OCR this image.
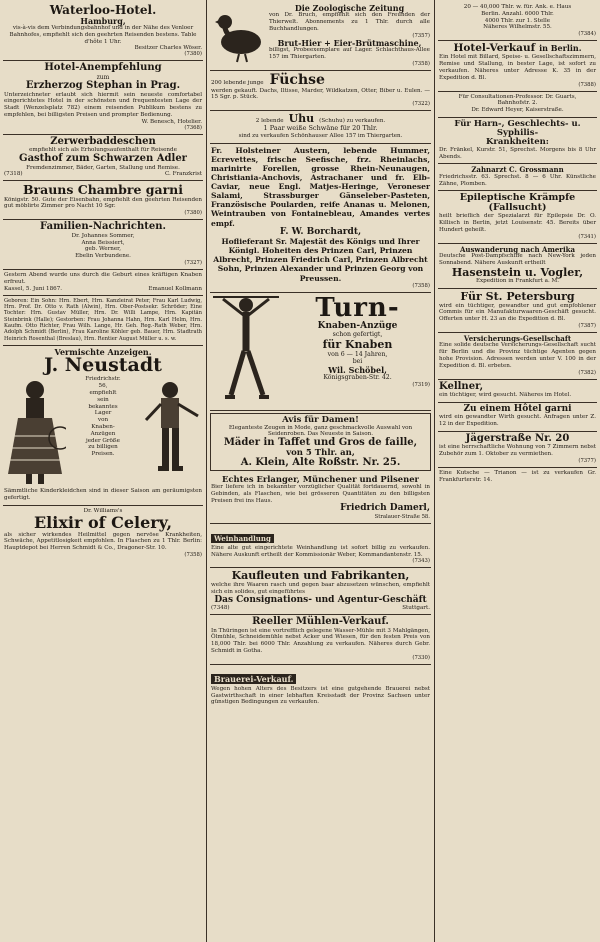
Waterloo-Hotel.
Hamburg,
vis-à-vis dem Verbindungsbahnhof und in der Nähe des Venloer Bahnhofes, empfiehlt sich den geehrten Reisenden bestens. Table d'hôte 1 Uhr.
Besitzer Charles Wöser.
(7380)
Hotel-Anempfehlung
zum
Erzherzog Stephan in Prag.
Unterzeichneter erlaubt sich hiermit sein neueste comfortabel eingerichtetes Hotel in der schönsten und frequentesten Lage der Stadt (Wenzelsplatz 782) einem reisenden Publikum bestens zu empfehlen, bei billigsten Preisen und prompter Bedienung.
W. Benesch, Hotelier.
(7368)
Zerwerbaddeschen
empfiehlt sich als Erholungsaufenthalt für Reisende
Gasthof zum Schwarzen Adler
Fremdenzimmer, Bäder, Garten, Stallung und Remise.
(7318)	C. Franzkrist
Brauns Chambre garni
Königstr. 50. Gute der Eisenbahn, empfiehlt den geehrten Reisenden gut möblirte Zimmer pro Nacht 10 Sgr.
(7380)
Familien-Nachrichten.
Dr. Johannes Sommer,
Anna Beissiert,
geb. Werner,
Ebelin Verbundene.
(7327)
Gestern Abend wurde uns durch die Geburt eines kräftigen Knaben erfreut.
Kassel, 5. Juni 1867.	Emanuel Kollmann
Geboren: Ein Sohn: Hrn. Ebert, Hrn. Kanzleirat Peter, Frau Karl Ludwig, Hrn. Prof. Dr. Otto v. Rath (Alwin), Hrn. Ober-Postsekr. Schröder; Eine Tochter: Hrn. Gustav Müller, Hrn. Dr. Willi Lampe, Hrn. Kapitän Steinbrink (Halle); Gestorben: Frau Johanna Hahn, Hrn. Karl Helm, Hrn. Kaufm. Otto Richter, Frau Wilh. Lange, Hr. Geh. Reg.-Rath Weber, Hrn. Adolph Schmidt (Berlin), Frau Karoline Köhler geb. Bauer, Hrn. Stadtrath Heinrich Rosenthal (Breslau), Hrn. Rentier August Müller u. s. w.
Vermischte Anzeigen.
J. Neustadt
Friedrichstr.
56,
empfiehlt
sein
bekanntes
Lager
von
Knaben-
Anzügen
jeder Größe
zu billigen
Preisen.
Sämmtliche Kinderkleidchen sind in dieser Saison am geräumigsten gefertigt.
Dr. Williams's
Elixir of Celery,
als sicher wirkendes Heilmittel gegen nervöse Krankheiten, Schwäche, Appetitlosigkeit empfohlen. In Flaschen zu 1 Thlr. Berlin: Hauptdepot bei Herren Schmidt & Co., Dragoner-Str. 10.
(7358)
Die Zoologische Zeitung
von Dr. Bruch, empfiehlt sich den Freunden der Thierwelt. Abonnements zu 1 Thlr. durch alle Buchhandlungen.
(7357)
Brut-Hier + Eier-Brütmaschine,
billigst, Probeexemplare auf Lager. Schlachthaus-Allee 157 im Thiergarten.
(7358)
200 lebende junge Füchse
werden gekauft. Dachs, Iltisse, Marder, Wildkatzen, Otter, Biber u. Eulen. — 15 Sgr. p. Stück.
(7322)
2 lebende Uhu (Schuhu) zu verkaufen.
1 Paar weiße Schwäne für 20 Thlr.
sind zu verkaufen Schönhauser Allee 157 im Thiergarten.
Fr. Holsteiner Austern, lebende Hummer, Ecrevettes, frische Seefische, frz. Rheinlachs, marinirte Forellen, grosse Rhein-Neunaugen, Christiania-Anchovis, Astrachaner und fr. Elb-Caviar, neue Engl. Matjes-Heringe, Veroneser Salami, Strassburger Gänseleber-Pasteten, Französische Poularden, reife Ananas u. Melonen, Weintrauben von Fontainebleau, Amandes vertes empf.
F. W. Borchardt,
Hoflieferant Sr. Majestät des Königs und Ihrer Königl. Hoheiten des Prinzen Carl, Prinzen Albrecht, Prinzen Friedrich Carl, Prinzen Albrecht Sohn, Prinzen Alexander und Prinzen Georg von Preussen.
(7358)
Turn-
Knaben-Anzüge
schon gefertigt,
für Knaben
von 6 — 14 Jahren,
bei
Wil. Schöbel,
Königsgraben-Str. 42.
(7319)
Avis für Damen!
Eleganteste Zeugen in Mode, ganz geschmackvolle Auswahl von Seidenroben. Das Neueste in Saison.
Mäder in Taffet und Gros de faille,
von 5 Thlr. an,
A. Klein, Alte Roßstr. Nr. 25.
Echtes Erlanger, Münchener und Pilsener
Bier liefere ich in bekannter vorzüglicher Qualität fortdauernd, sowohl in Gebinden, als Flaschen, wie bei grösseren Quantitäten zu den billigsten Preisen frei ins Haus.
Friedrich Damerl,
Stralauer-Straße 58.
Weinhandlung
Eine alte gut eingerichtete Weinhandlung ist sofort billig zu verkaufen. Nähere Auskunft ertheilt der Kommissionär Weber, Kommandantenstr. 15.
(7343)
Kaufleuten und Fabrikanten,
welche ihre Waaren rasch und gegen baar abzusetzen wünschen, empfiehlt sich ein solides, gut eingeführtes
Das Consignations- und Agentur-Geschäft
(7348)	Stuttgart.
Reeller Mühlen-Verkauf.
In Thüringen ist eine vortrefflich gelegene Wasser-Mühle mit 3 Mahlgängen, Ölmühle, Schneidemühle nebst Acker und Wiesen, für den festen Preis von 18,000 Thlr. bei 6000 Thlr. Anzahlung zu verkaufen. Näheres durch Gebr. Schmidt in Gotha.
(7330)
Brauerei-Verkauf.
Wegen hohen Alters des Besitzers ist eine gutgehende Brauerei nebst Gastwirthschaft in einer lebhaften Kreisstadt der Provinz Sachsen unter günstigen Bedingungen zu verkaufen.
20 — 40,000 Thlr. w. für. Ank. e. Haus
Berlin. Anzahl. 6000 Thlr.
4000 Thlr. zur 1. Stelle
Näheres Wilhelmstr. 55.
(7384)
Hotel-Verkauf in Berlin.
Ein Hotel mit Billard, Speise- u. Gesellschaftszimmern, Remise und Stallung, in bester Lage, ist sofort zu verkaufen. Näheres unter Adresse K. 35 in der Expedition d. Bl.
(7388)
Für Consultationen-Professor. Dr. Guarts,
Bahnhofstr. 2.
Dr. Edward Heyer, Kaiserstraße.
Für Harn-, Geschlechts- u. Syphilis-
Krankheiten:
Dr. Fränkel, Kurstr. 51, Sprechst. Morgens bis 8 Uhr Abends.
Zahnarzt C. Grossmann
Friedrichsstr. 63. Sprechst. 8 — 6 Uhr. Künstliche Zähne, Plomben.
Epileptische Krämpfe (Fallsucht)
heilt brieflich der Spezialarzt für Epilepsie Dr. O. Killisch in Berlin, jetzt Louisenstr. 45. Bereits über Hundert geheilt.
(7341)
Auswanderung nach Amerika
Deutsche Post-Dampfschiffe nach New-York jeden Sonnabend. Nähere Auskunft ertheilt
Hasenstein u. Vogler,
Expedition in Frankfurt a. M.
Für St. Petersburg
wird ein tüchtiger, gewandter und gut empfohlener Commis für ein Manufakturwaaren-Geschäft gesucht. Offerten unter H. 23 an die Expedition d. Bl.
(7387)
Versicherungs-Gesellschaft
Eine solide deutsche Versicherungs-Gesellschaft sucht für Berlin und die Provinz tüchtige Agenten gegen hohe Provision. Adressen werden unter V. 100 in der Expedition d. Bl. erbeten.
(7382)
Kellner,
ein tüchtiger, wird gesucht. Näheres im Hotel.
Zu einem Hôtel garni
wird ein gewandter Wirth gesucht. Anfragen unter Z. 12 in der Expedition.
Jägerstraße Nr. 20
ist eine herrschaftliche Wohnung von 7 Zimmern nebst Zubehör zum 1. Oktober zu vermiethen.
(7377)
Eine Kutsche — Trianon — ist zu verkaufen Gr. Frankfurterstr. 14.
